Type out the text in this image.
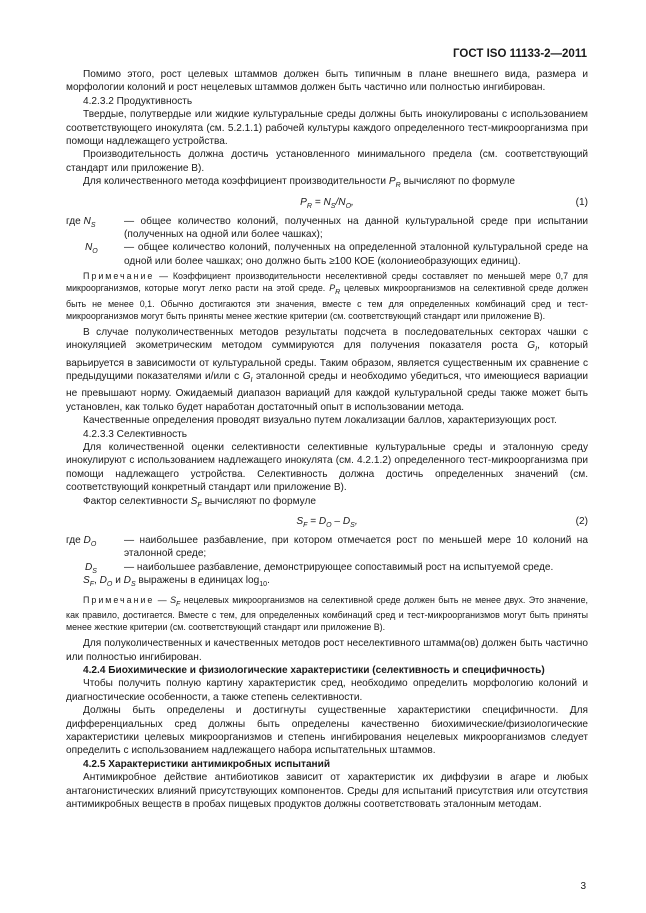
ГОСТ ISO 11133-2—2011

Помимо этого, рост целевых штаммов должен быть типичным в плане внешнего вида, размера и морфологии колоний и рост нецелевых штаммов должен быть частично или полностью ингибирован.

4.2.3.2 Продуктивность

Твердые, полутвердые или жидкие культуральные среды должны быть инокулированы с использованием соответствующего инокулята (см. 5.2.1.1) рабочей культуры каждого определенного тест-микроорганизма при помощи надлежащего устройства.

Производительность должна достичь установленного минимального предела (см. соответствующий стандарт или приложение В).

Для количественного метода коэффициент производительности $P_R$ вычисляют по формуле

$P_R = N_S/N_O$,	(1)
где $N_S$	— общее количество колоний, полученных на данной культуральной среде при испытании (полученных на одной или более чашках);
$N_O$	— общее количество колоний, полученных на определенной эталонной культуральной среде на одной или более чашках; оно должно быть ≥100 КОЕ (колониеобразующих единиц).

Примечание — Коэффициент производительности неселективной среды составляет по меньшей мере 0,7 для микроорганизмов, которые могут легко расти на этой среде. $P_R$ целевых микроорганизмов на селективной среде должен быть не менее 0,1. Обычно достигаются эти значения, вместе с тем для определенных комбинаций сред и тест-микроорганизмов могут быть приняты менее жесткие критерии (см. соответствующий стандарт или приложение В).

В случае полуколичественных методов результаты подсчета в последовательных секторах чашки с инокуляцией экометрическим методом суммируются для получения показателя роста $G_I$, который варьируется в зависимости от культуральной среды. Таким образом, является существенным их сравнение с предыдущими показателями и/или с $G_I$ эталонной среды и необходимо убедиться, что имеющиеся вариации не превышают норму. Ожидаемый диапазон вариаций для каждой культуральной среды также может быть установлен, как только будет наработан достаточный опыт в использовании метода.

Качественные определения проводят визуально путем локализации баллов, характеризующих рост.

4.2.3.3 Селективность

Для количественной оценки селективности селективные культуральные среды и эталонную среду инокулируют с использованием надлежащего инокулята (см. 4.2.1.2) определенного тест-микроорганизма при помощи надлежащего устройства. Селективность должна достичь определенных значений (см. соответствующий конкретный стандарт или приложение В).

Фактор селективности $S_F$ вычисляют по формуле

$S_F = D_O - D_S$,	(2)
где $D_O$	— наибольшее разбавление, при котором отмечается рост по меньшей мере 10 колоний на эталонной среде;
$D_S$	— наибольшее разбавление, демонстрирующее сопоставимый рост на испытуемой среде.

$S_F$, $D_O$ и $D_S$ выражены в единицах $\log_{10}$.

Примечание — $S_F$ нецелевых микроорганизмов на селективной среде должен быть не менее двух. Это значение, как правило, достигается. Вместе с тем, для определенных комбинаций сред и тест-микроорганизмов могут быть приняты менее жесткие критерии (см. соответствующий стандарт или приложение В).

Для полуколичественных и качественных методов рост неселективного штамма(ов) должен быть частично или полностью ингибирован.

4.2.4 Биохимические и физиологические характеристики (селективность и специфичность)

Чтобы получить полную картину характеристик сред, необходимо определить морфологию колоний и диагностические особенности, а также степень селективности.

Должны быть определены и достигнуты существенные характеристики специфичности. Для дифференциальных сред должны быть определены качественно биохимические/физиологические характеристики целевых микроорганизмов и степень ингибирования нецелевых микроорганизмов следует определить с использованием надлежащего набора испытательных штаммов.

4.2.5 Характеристики антимикробных испытаний

Антимикробное действие антибиотиков зависит от характеристик их диффузии в агаре и любых антагонистических влияний присутствующих компонентов. Среды для испытаний присутствия или отсутствия антимикробных веществ в пробах пищевых продуктов должны соответствовать эталонным методам.

3
